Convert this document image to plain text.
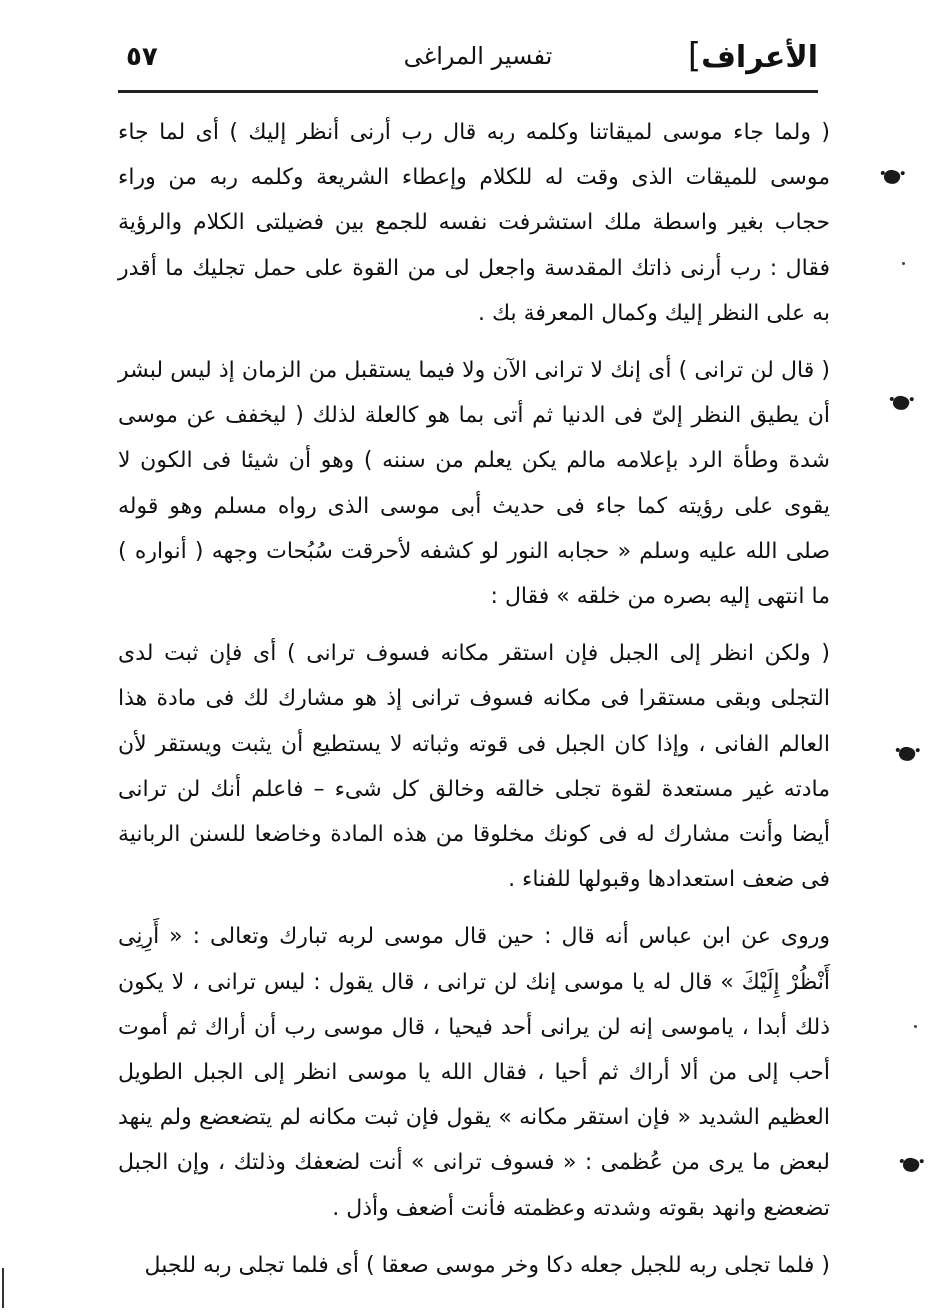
الأعراف]
تفسير المراغى
٥٧

( ولما جاء موسى لميقاتنا وكلمه ربه قال رب أرنى أنظر إليك ) أى لما جاء موسى للميقات الذى وقت له للكلام وإعطاء الشريعة وكلمه ربه من وراء حجاب بغير واسطة ملك استشرفت نفسه للجمع بين فضيلتى الكلام والرؤية فقال : رب أرنى ذاتك المقدسة واجعل لى من القوة على حمل تجليك ما أقدر به على النظر إليك وكمال المعرفة بك .

( قال لن ترانى ) أى إنك لا ترانى الآن ولا فيما يستقبل من الزمان إذ ليس لبشر أن يطيق النظر إلىّ فى الدنيا ثم أتى بما هو كالعلة لذلك ( ليخفف عن موسى شدة وطأة الرد بإعلامه مالم يكن يعلم من سننه ) وهو أن شيئا فى الكون لا يقوى على رؤيته كما جاء فى حديث أبى موسى الذى رواه مسلم وهو قوله صلى الله عليه وسلم « حجابه النور لو كشفه لأحرقت سُبُحات وجهه ( أنواره ) ما انتهى إليه بصره من خلقه » فقال :

( ولكن انظر إلى الجبل فإن استقر مكانه فسوف ترانى ) أى فإن ثبت لدى التجلى وبقى مستقرا فى مكانه فسوف ترانى إذ هو مشارك لك فى مادة هذا العالم الفانى ، وإذا كان الجبل فى قوته وثباته لا يستطيع أن يثبت ويستقر لأن مادته غير مستعدة لقوة تجلى خالقه وخالق كل شىء – فاعلم أنك لن ترانى أيضا وأنت مشارك له فى كونك مخلوقا من هذه المادة وخاضعا للسنن الربانية فى ضعف استعدادها وقبولها للفناء .

وروى عن ابن عباس أنه قال : حين قال موسى لربه تبارك وتعالى : « أَرِنِى أَنْظُرْ إِلَيْكَ » قال له يا موسى إنك لن ترانى ، قال يقول : ليس ترانى ، لا يكون ذلك أبدا ، ياموسى إنه لن يرانى أحد فيحيا ، قال موسى رب أن أراك ثم أموت أحب إلى من ألا أراك ثم أحيا ، فقال الله يا موسى انظر إلى الجبل الطويل العظيم الشديد « فإن استقر مكانه » يقول فإن ثبت مكانه لم يتضعضع ولم ينهد لبعض ما يرى من عُظمى : « فسوف ترانى » أنت لضعفك وذلتك ، وإن الجبل تضعضع وانهد بقوته وشدته وعظمته فأنت أضعف وأذل .

( فلما تجلى ربه للجبل جعله دكا وخر موسى صعقا ) أى فلما تجلى ربه للجبل
